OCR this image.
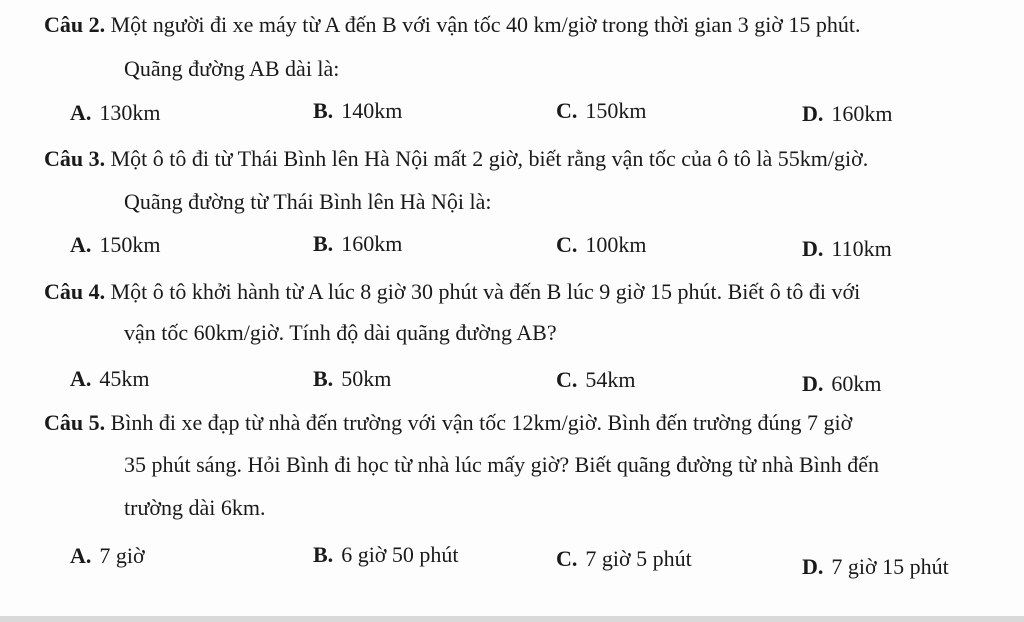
Câu 2. Một người đi xe máy từ A đến B với vận tốc 40 km/giờ trong thời gian 3 giờ 15 phút.
Quãng đường AB dài là:
A. 130km	B. 140km	C. 150km	D. 160km
Câu 3. Một ô tô đi từ Thái Bình lên Hà Nội mất 2 giờ, biết rằng vận tốc của ô tô là 55km/giờ.
Quãng đường từ Thái Bình lên Hà Nội là:
A. 150km	B. 160km	C. 100km	D. 110km
Câu 4. Một ô tô khởi hành từ A lúc 8 giờ 30 phút và đến B lúc 9 giờ 15 phút. Biết ô tô đi với
vận tốc 60km/giờ. Tính độ dài quãng đường AB?
A. 45km	B. 50km	C. 54km	D. 60km
Câu 5. Bình đi xe đạp từ nhà đến trường với vận tốc 12km/giờ. Bình đến trường đúng 7 giờ
35 phút sáng. Hỏi Bình đi học từ nhà lúc mấy giờ? Biết quãng đường từ nhà Bình đến
trường dài 6km.
A. 7 giờ	B. 6 giờ 50 phút	C. 7 giờ 5 phút	D. 7 giờ 15 phút
